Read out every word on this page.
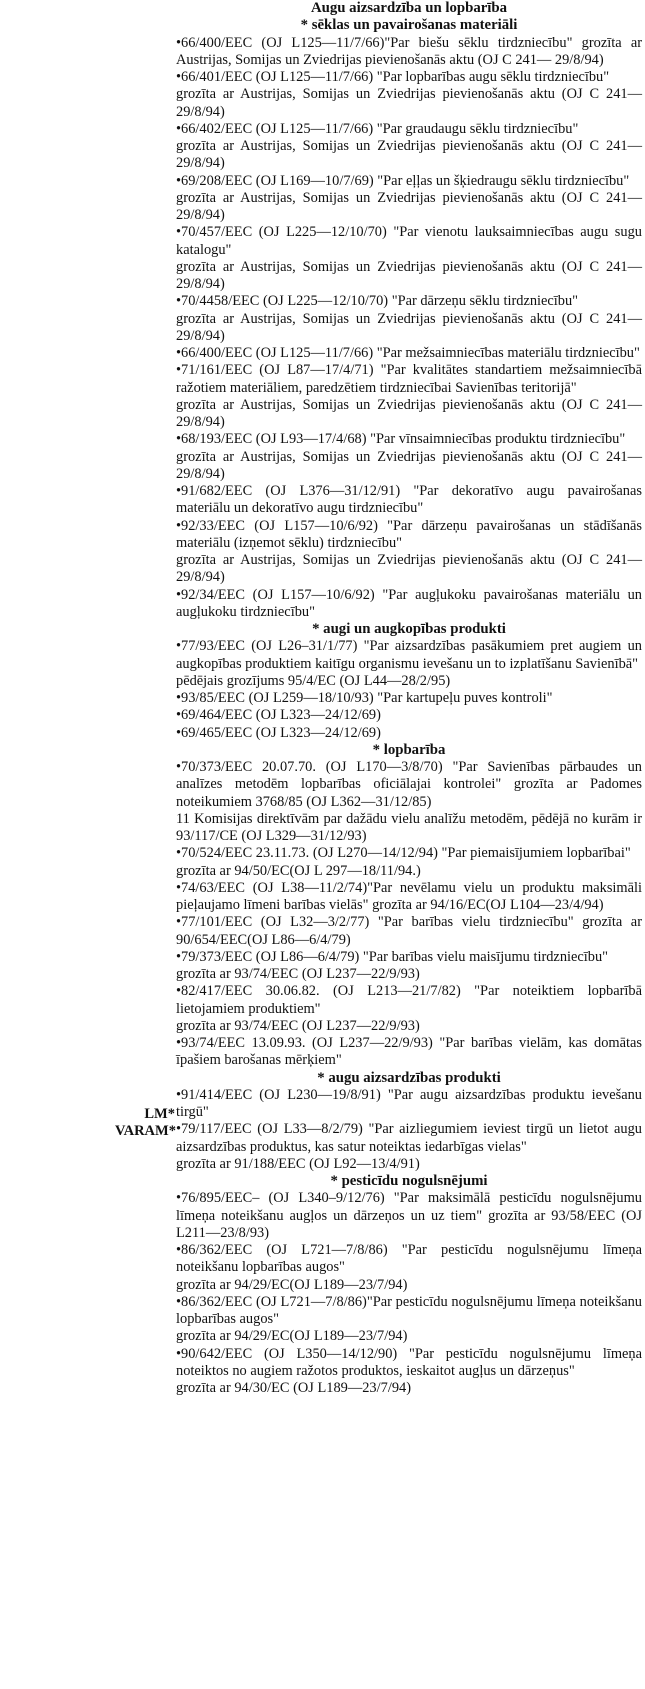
LM*
VARAM*

Augu aizsardzība un lopbarība

* sēklas un pavairošanas materiāli

•66/400/EEC (OJ L125—11/7/66)"Par biešu sēklu tirdzniecību" grozīta ar Austrijas, Somijas un Zviedrijas pievienošanās aktu (OJ C 241— 29/8/94)

•66/401/EEC (OJ L125—11/7/66) "Par lopbarības augu sēklu tirdzniecību"

grozīta ar Austrijas, Somijas un Zviedrijas pievienošanās aktu (OJ C 241— 29/8/94)

•66/402/EEC (OJ L125—11/7/66) "Par graudaugu sēklu tirdzniecību"

grozīta ar Austrijas, Somijas un Zviedrijas pievienošanās aktu (OJ C 241— 29/8/94)

•69/208/EEC (OJ L169—10/7/69) "Par eļļas un šķiedraugu sēklu tirdzniecību"

grozīta ar Austrijas, Somijas un Zviedrijas pievienošanās aktu (OJ C 241— 29/8/94)

•70/457/EEC (OJ L225—12/10/70) "Par vienotu lauksaimniecības augu sugu katalogu"

grozīta ar Austrijas, Somijas un Zviedrijas pievienošanās aktu (OJ C 241— 29/8/94)

•70/4458/EEC (OJ L225—12/10/70) "Par dārzeņu sēklu tirdzniecību"

grozīta ar Austrijas, Somijas un Zviedrijas pievienošanās aktu (OJ C 241— 29/8/94)

•66/400/EEC (OJ L125—11/7/66) "Par mežsaimniecības materiālu tirdzniecību"

•71/161/EEC (OJ L87—17/4/71) "Par kvalitātes standartiem mežsaimniecībā ražotiem materiāliem, paredzētiem tirdzniecībai Savienības teritorijā"

grozīta ar Austrijas, Somijas un Zviedrijas pievienošanās aktu (OJ C 241— 29/8/94)

•68/193/EEC (OJ L93—17/4/68) "Par vīnsaimniecības produktu tirdzniecību"

grozīta ar Austrijas, Somijas un Zviedrijas pievienošanās aktu (OJ C 241— 29/8/94)

•91/682/EEC (OJ L376—31/12/91) "Par dekoratīvo augu pavairošanas materiālu un dekoratīvo augu tirdzniecību"

•92/33/EEC (OJ L157—10/6/92) "Par dārzeņu pavairošanas un stādīšanās materiālu (izņemot sēklu) tirdzniecību"

grozīta ar Austrijas, Somijas un Zviedrijas pievienošanās aktu (OJ C 241— 29/8/94)

•92/34/EEC (OJ L157—10/6/92) "Par augļukoku pavairošanas materiālu un augļukoku tirdzniecību"

* augi un augkopības produkti

•77/93/EEC (OJ L26–31/1/77) "Par aizsardzības pasākumiem pret augiem un augkopības produktiem kaitīgu organismu ievešanu un to izplatīšanu Savienībā"

pēdējais grozījums 95/4/EC (OJ L44—28/2/95)

•93/85/EEC (OJ L259—18/10/93) "Par kartupeļu puves kontroli"

•69/464/EEC (OJ L323—24/12/69)

•69/465/EEC (OJ L323—24/12/69)

* lopbarība

•70/373/EEC 20.07.70. (OJ L170—3/8/70) "Par Savienības pārbaudes un analīzes metodēm lopbarības oficiālajai kontrolei" grozīta ar Padomes noteikumiem 3768/85 (OJ L362—31/12/85)

11 Komisijas direktīvām par dažādu vielu analīžu metodēm, pēdējā no kurām ir 93/117/CE (OJ L329—31/12/93)

•70/524/EEC 23.11.73. (OJ L270—14/12/94) "Par piemaisījumiem lopbarībai"

grozīta ar 94/50/EC(OJ L 297—18/11/94.)

•74/63/EEC (OJ L38—11/2/74)"Par nevēlamu vielu un produktu maksimāli pieļaujamo līmeni barības vielās" grozīta ar 94/16/EC(OJ L104—23/4/94)

•77/101/EEC (OJ L32—3/2/77) "Par barības vielu tirdzniecību" grozīta ar 90/654/EEC(OJ L86—6/4/79)

•79/373/EEC (OJ L86—6/4/79) "Par barības vielu maisījumu tirdzniecību"

grozīta ar 93/74/EEC (OJ L237—22/9/93)

•82/417/EEC 30.06.82. (OJ L213—21/7/82) "Par noteiktiem lopbarībā lietojamiem produktiem"

grozīta ar 93/74/EEC (OJ L237—22/9/93)

•93/74/EEC 13.09.93. (OJ L237—22/9/93) "Par barības vielām, kas domātas īpašiem barošanas mērķiem"

* augu aizsardzības produkti

•91/414/EEC (OJ L230—19/8/91) "Par augu aizsardzības produktu ievešanu tirgū"

•79/117/EEC (OJ L33—8/2/79) "Par aizliegumiem ieviest tirgū un lietot augu aizsardzības produktus, kas satur noteiktas iedarbīgas vielas"

grozīta ar 91/188/EEC (OJ L92—13/4/91)

* pesticīdu nogulsnējumi

•76/895/EEC– (OJ L340–9/12/76) "Par maksimālā pesticīdu nogulsnējumu līmeņa noteikšanu augļos un dārzeņos un uz tiem" grozīta ar 93/58/EEC (OJ L211—23/8/93)

•86/362/EEC (OJ L721—7/8/86) "Par pesticīdu nogulsnējumu līmeņa noteikšanu lopbarības augos"

grozīta ar 94/29/EC(OJ L189—23/7/94)

•86/362/EEC (OJ L721—7/8/86)"Par pesticīdu nogulsnējumu līmeņa noteikšanu lopbarības augos"

grozīta ar 94/29/EC(OJ L189—23/7/94)

•90/642/EEC (OJ L350—14/12/90) "Par pesticīdu nogulsnējumu līmeņa noteiktos no augiem ražotos produktos, ieskaitot augļus un dārzeņus"

grozīta ar 94/30/EC (OJ L189—23/7/94)
